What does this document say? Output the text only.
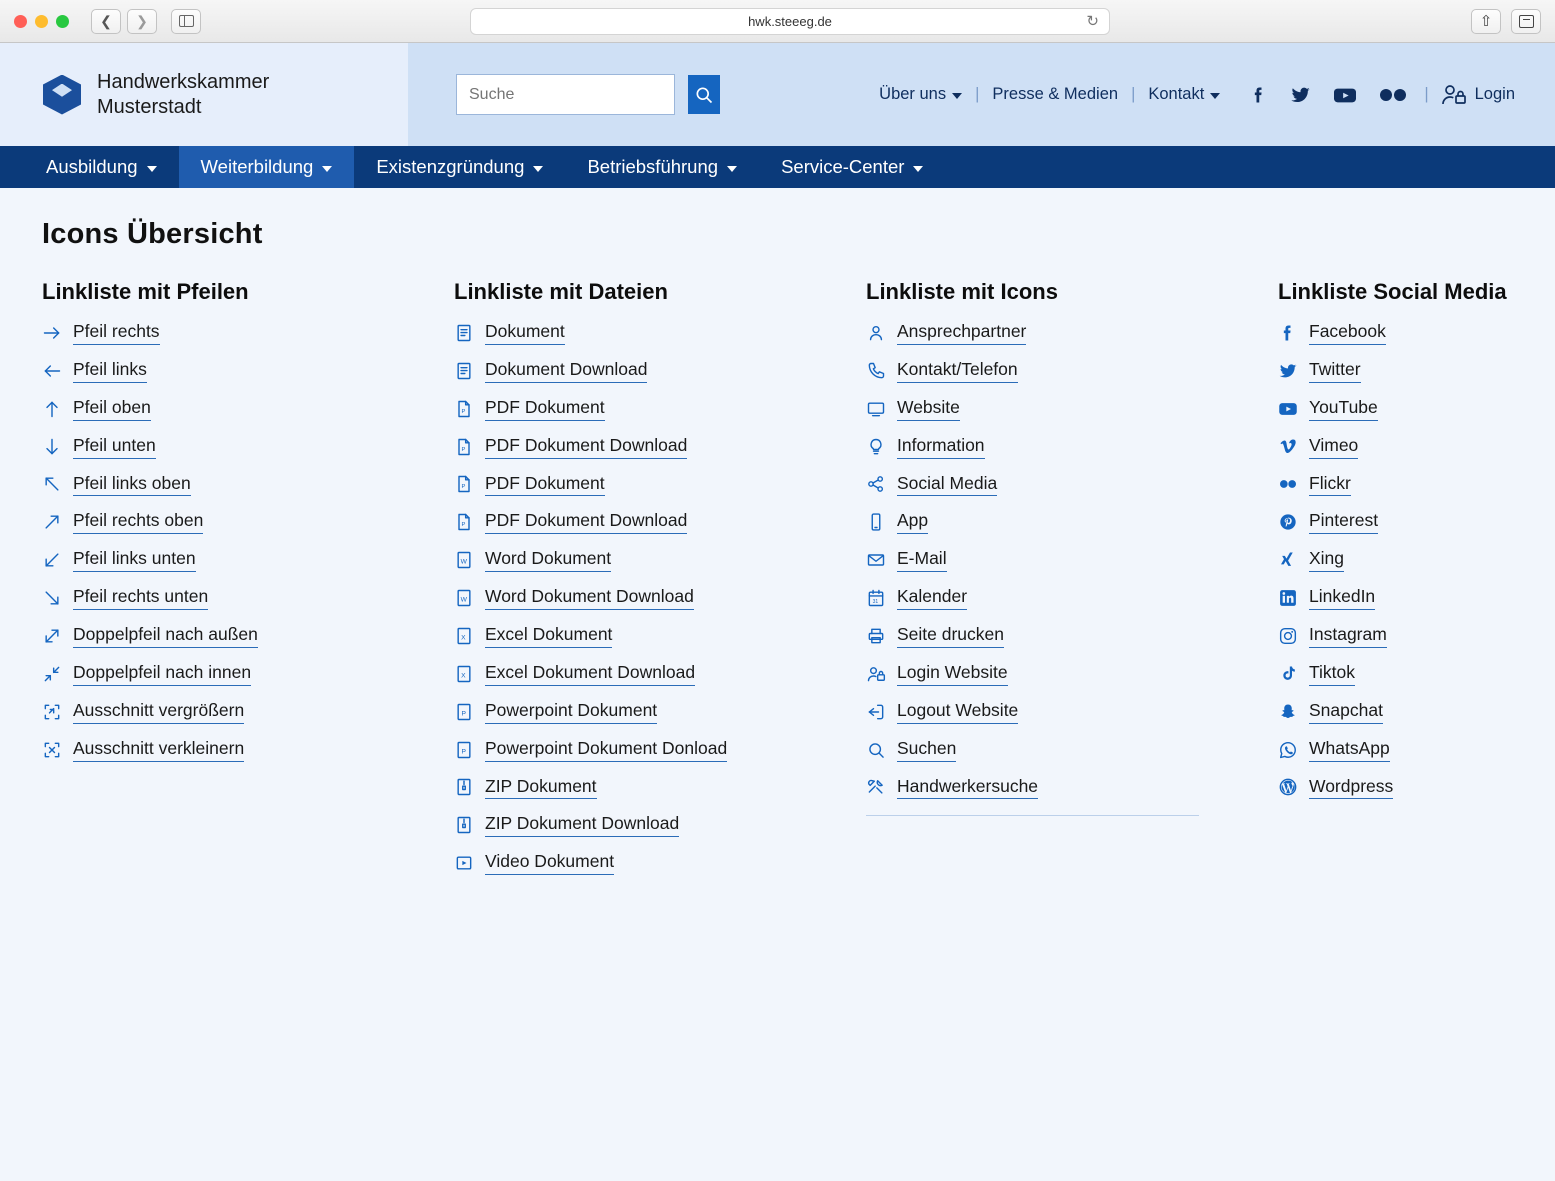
❮ ❯	hwk.steeeg.de	↻	⇧
Handwerkskammer
Musterstadt
Suche
Über uns | Presse & Medien | Kontakt	|	Login
Ausbildung	Weiterbildung	Existenzgründung	Betriebsführung	Service-Center
Icons Übersicht
Linkliste mit Pfeilen
Pfeil rechts
Pfeil links
Pfeil oben
Pfeil unten
Pfeil links oben
Pfeil rechts oben
Pfeil links unten
Pfeil rechts unten
Doppelpfeil nach außen
Doppelpfeil nach innen
Ausschnitt vergrößern
Ausschnitt verkleinern
Linkliste mit Dateien
Dokument
Dokument Download
P PDF Dokument
P PDF Dokument Download
P PDF Dokument
P PDF Dokument Download
W Word Dokument
W Word Dokument Download
X Excel Dokument
X Excel Dokument Download
P Powerpoint Dokument
P Powerpoint Dokument Donload
ZIP Dokument
ZIP Dokument Download
Video Dokument
Linkliste mit Icons
Ansprechpartner
Kontakt/Telefon
Website
Information
Social Media
App
E-Mail
31 Kalender
Seite drucken
Login Website
Logout Website
Suchen
Handwerkersuche
Linkliste Social Media
Facebook
Twitter
YouTube
Vimeo
Flickr
Pinterest
Xing
LinkedIn
Instagram
Tiktok
Snapchat
WhatsApp
Wordpress
